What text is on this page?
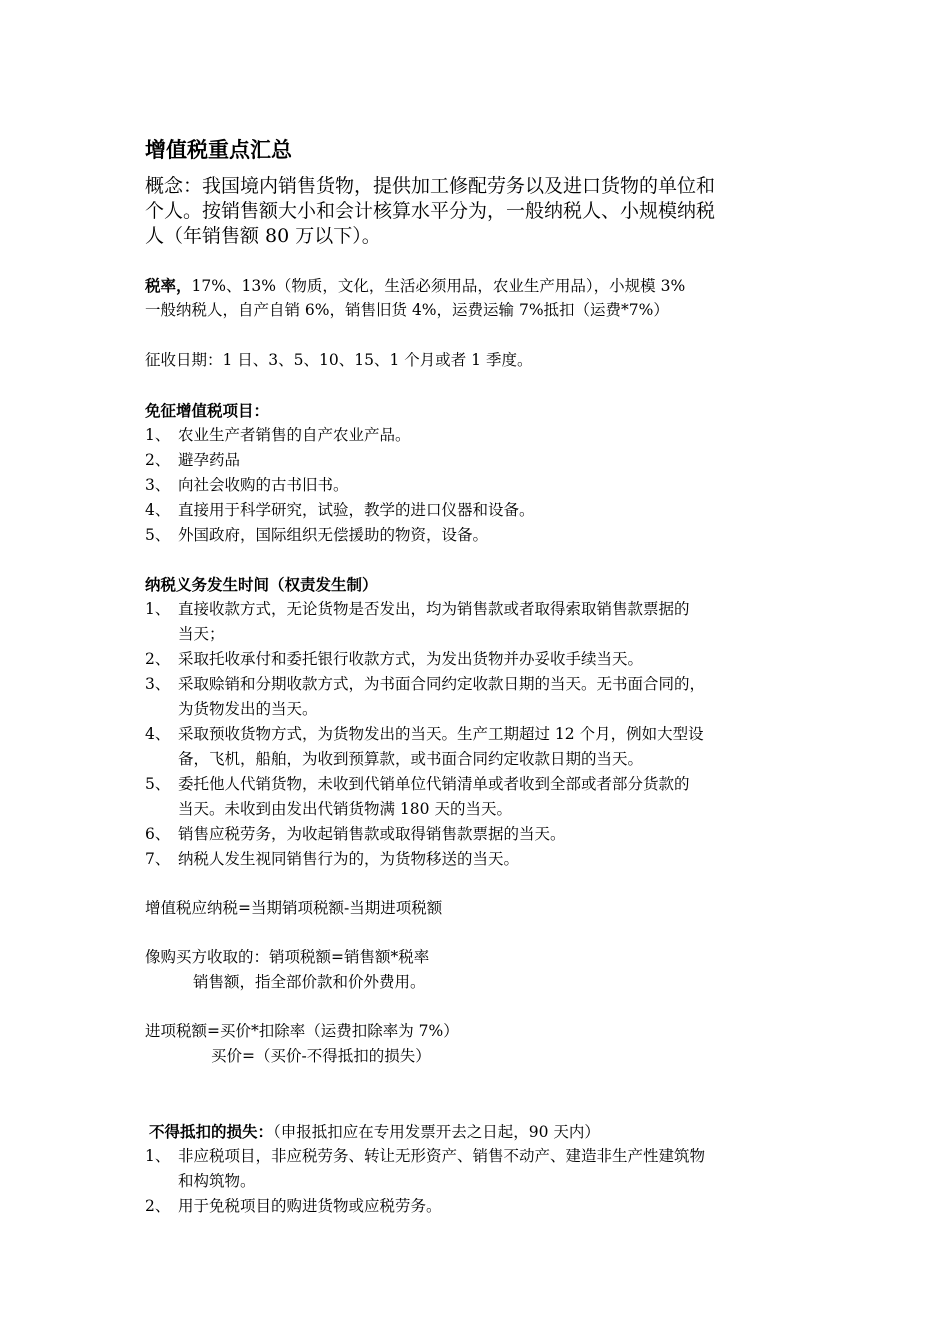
增值税重点汇总
概念：我国境内销售货物，提供加工修配劳务以及进口货物的单位和
个人。按销售额大小和会计核算水平分为，一般纳税人、小规模纳税
人（年销售额 80 万以下）。
税率，17%、13%（物质，文化，生活必须用品，农业生产用品），小规模 3%
一般纳税人，自产自销 6%，销售旧货 4%，运费运输 7%抵扣（运费*7%）
征收日期：1 日、3、5、10、15、1 个月或者 1 季度。
免征增值税项目：
1、 农业生产者销售的自产农业产品。
2、 避孕药品
3、 向社会收购的古书旧书。
4、 直接用于科学研究，试验，教学的进口仪器和设备。
5、 外国政府，国际组织无偿援助的物资，设备。
纳税义务发生时间（权责发生制）
1、 直接收款方式，无论货物是否发出，均为销售款或者取得索取销售款票据的
当天；
2、 采取托收承付和委托银行收款方式，为发出货物并办妥收手续当天。
3、 采取赊销和分期收款方式，为书面合同约定收款日期的当天。无书面合同的，
为货物发出的当天。
4、 采取预收货物方式，为货物发出的当天。生产工期超过 12 个月，例如大型设
备，飞机，船舶，为收到预算款，或书面合同约定收款日期的当天。
5、 委托他人代销货物，未收到代销单位代销清单或者收到全部或者部分货款的
当天。未收到由发出代销货物满 180 天的当天。
6、 销售应税劳务，为收起销售款或取得销售款票据的当天。
7、 纳税人发生视同销售行为的，为货物移送的当天。
增值税应纳税=当期销项税额-当期进项税额
像购买方收取的：销项税额=销售额*税率
销售额，指全部价款和价外费用。
进项税额=买价*扣除率（运费扣除率为 7%）
买价=（买价-不得抵扣的损失）
不得抵扣的损失：（申报抵扣应在专用发票开去之日起，90 天内）
1、 非应税项目，非应税劳务、转让无形资产、销售不动产、建造非生产性建筑物
和构筑物。
2、 用于免税项目的购进货物或应税劳务。
